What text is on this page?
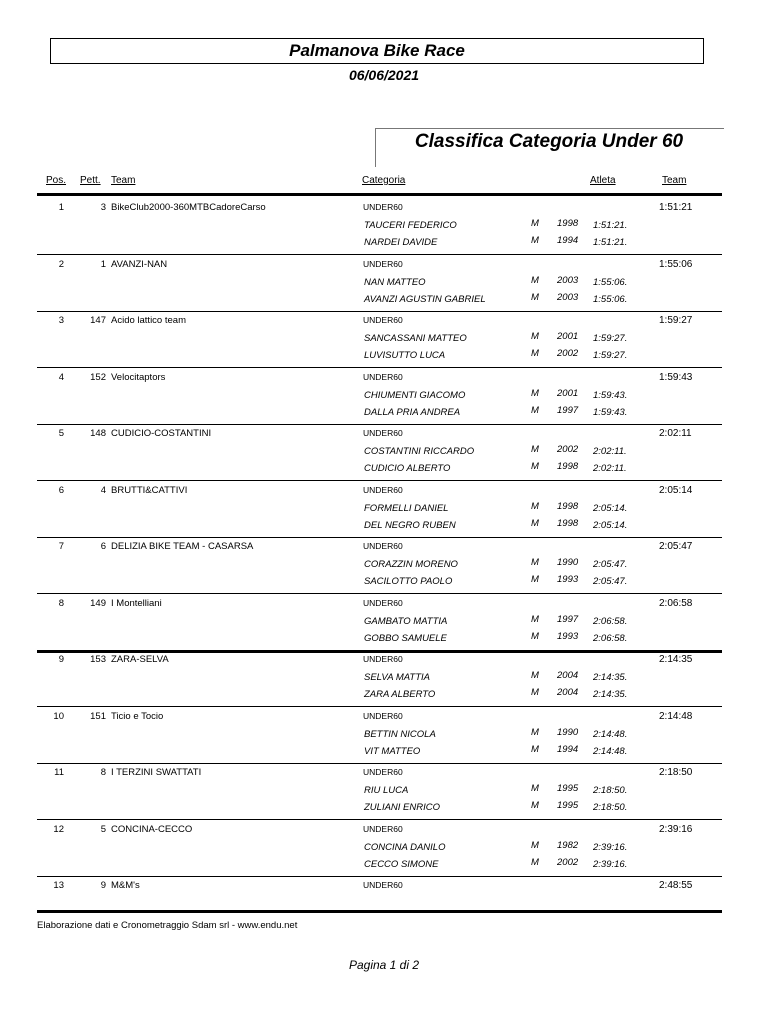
Palmanova Bike Race
06/06/2021
Classifica Categoria Under 60
Pos. Pett. Team	Categoria	Atleta	Team
1	3 BikeClub2000-360MTBCadoreCarso	UNDER60	1:51:21
TAUCERI FEDERICO	M 1998 1:51:21.
NARDEI DAVIDE	M 1994 1:51:21.
2	1 AVANZI-NAN	UNDER60	1:55:06
NAN MATTEO	M 2003 1:55:06.
AVANZI AGUSTIN GABRIEL	M 2003 1:55:06.
3	147 Acido lattico team	UNDER60	1:59:27
SANCASSANI MATTEO	M 2001 1:59:27.
LUVISUTTO LUCA	M 2002 1:59:27.
4	152 Velocitaptors	UNDER60	1:59:43
CHIUMENTI GIACOMO	M 2001 1:59:43.
DALLA PRIA ANDREA	M 1997 1:59:43.
5	148 CUDICIO-COSTANTINI	UNDER60	2:02:11
COSTANTINI RICCARDO	M 2002 2:02:11.
CUDICIO ALBERTO	M 1998 2:02:11.
6	4 BRUTTI&CATTIVI	UNDER60	2:05:14
FORMELLI DANIEL	M 1998 2:05:14.
DEL NEGRO RUBEN	M 1998 2:05:14.
7	6 DELIZIA BIKE TEAM - CASARSA	UNDER60	2:05:47
CORAZZIN MORENO	M 1990 2:05:47.
SACILOTTO PAOLO	M 1993 2:05:47.
8	149 I Montelliani	UNDER60	2:06:58
GAMBATO MATTIA	M 1997 2:06:58.
GOBBO SAMUELE	M 1993 2:06:58.
9	153 ZARA-SELVA	UNDER60	2:14:35
SELVA MATTIA	M 2004 2:14:35.
ZARA ALBERTO	M 2004 2:14:35.
10	151 Ticio e Tocio	UNDER60	2:14:48
BETTIN NICOLA	M 1990 2:14:48.
VIT MATTEO	M 1994 2:14:48.
11	8 I TERZINI SWATTATI	UNDER60	2:18:50
RIU LUCA	M 1995 2:18:50.
ZULIANI ENRICO	M 1995 2:18:50.
12	5 CONCINA-CECCO	UNDER60	2:39:16
CONCINA DANILO	M 1982 2:39:16.
CECCO SIMONE	M 2002 2:39:16.
13	9 M&M's	UNDER60	2:48:55
Elaborazione dati e Cronometraggio Sdam srl - www.endu.net
Pagina 1 di 2
